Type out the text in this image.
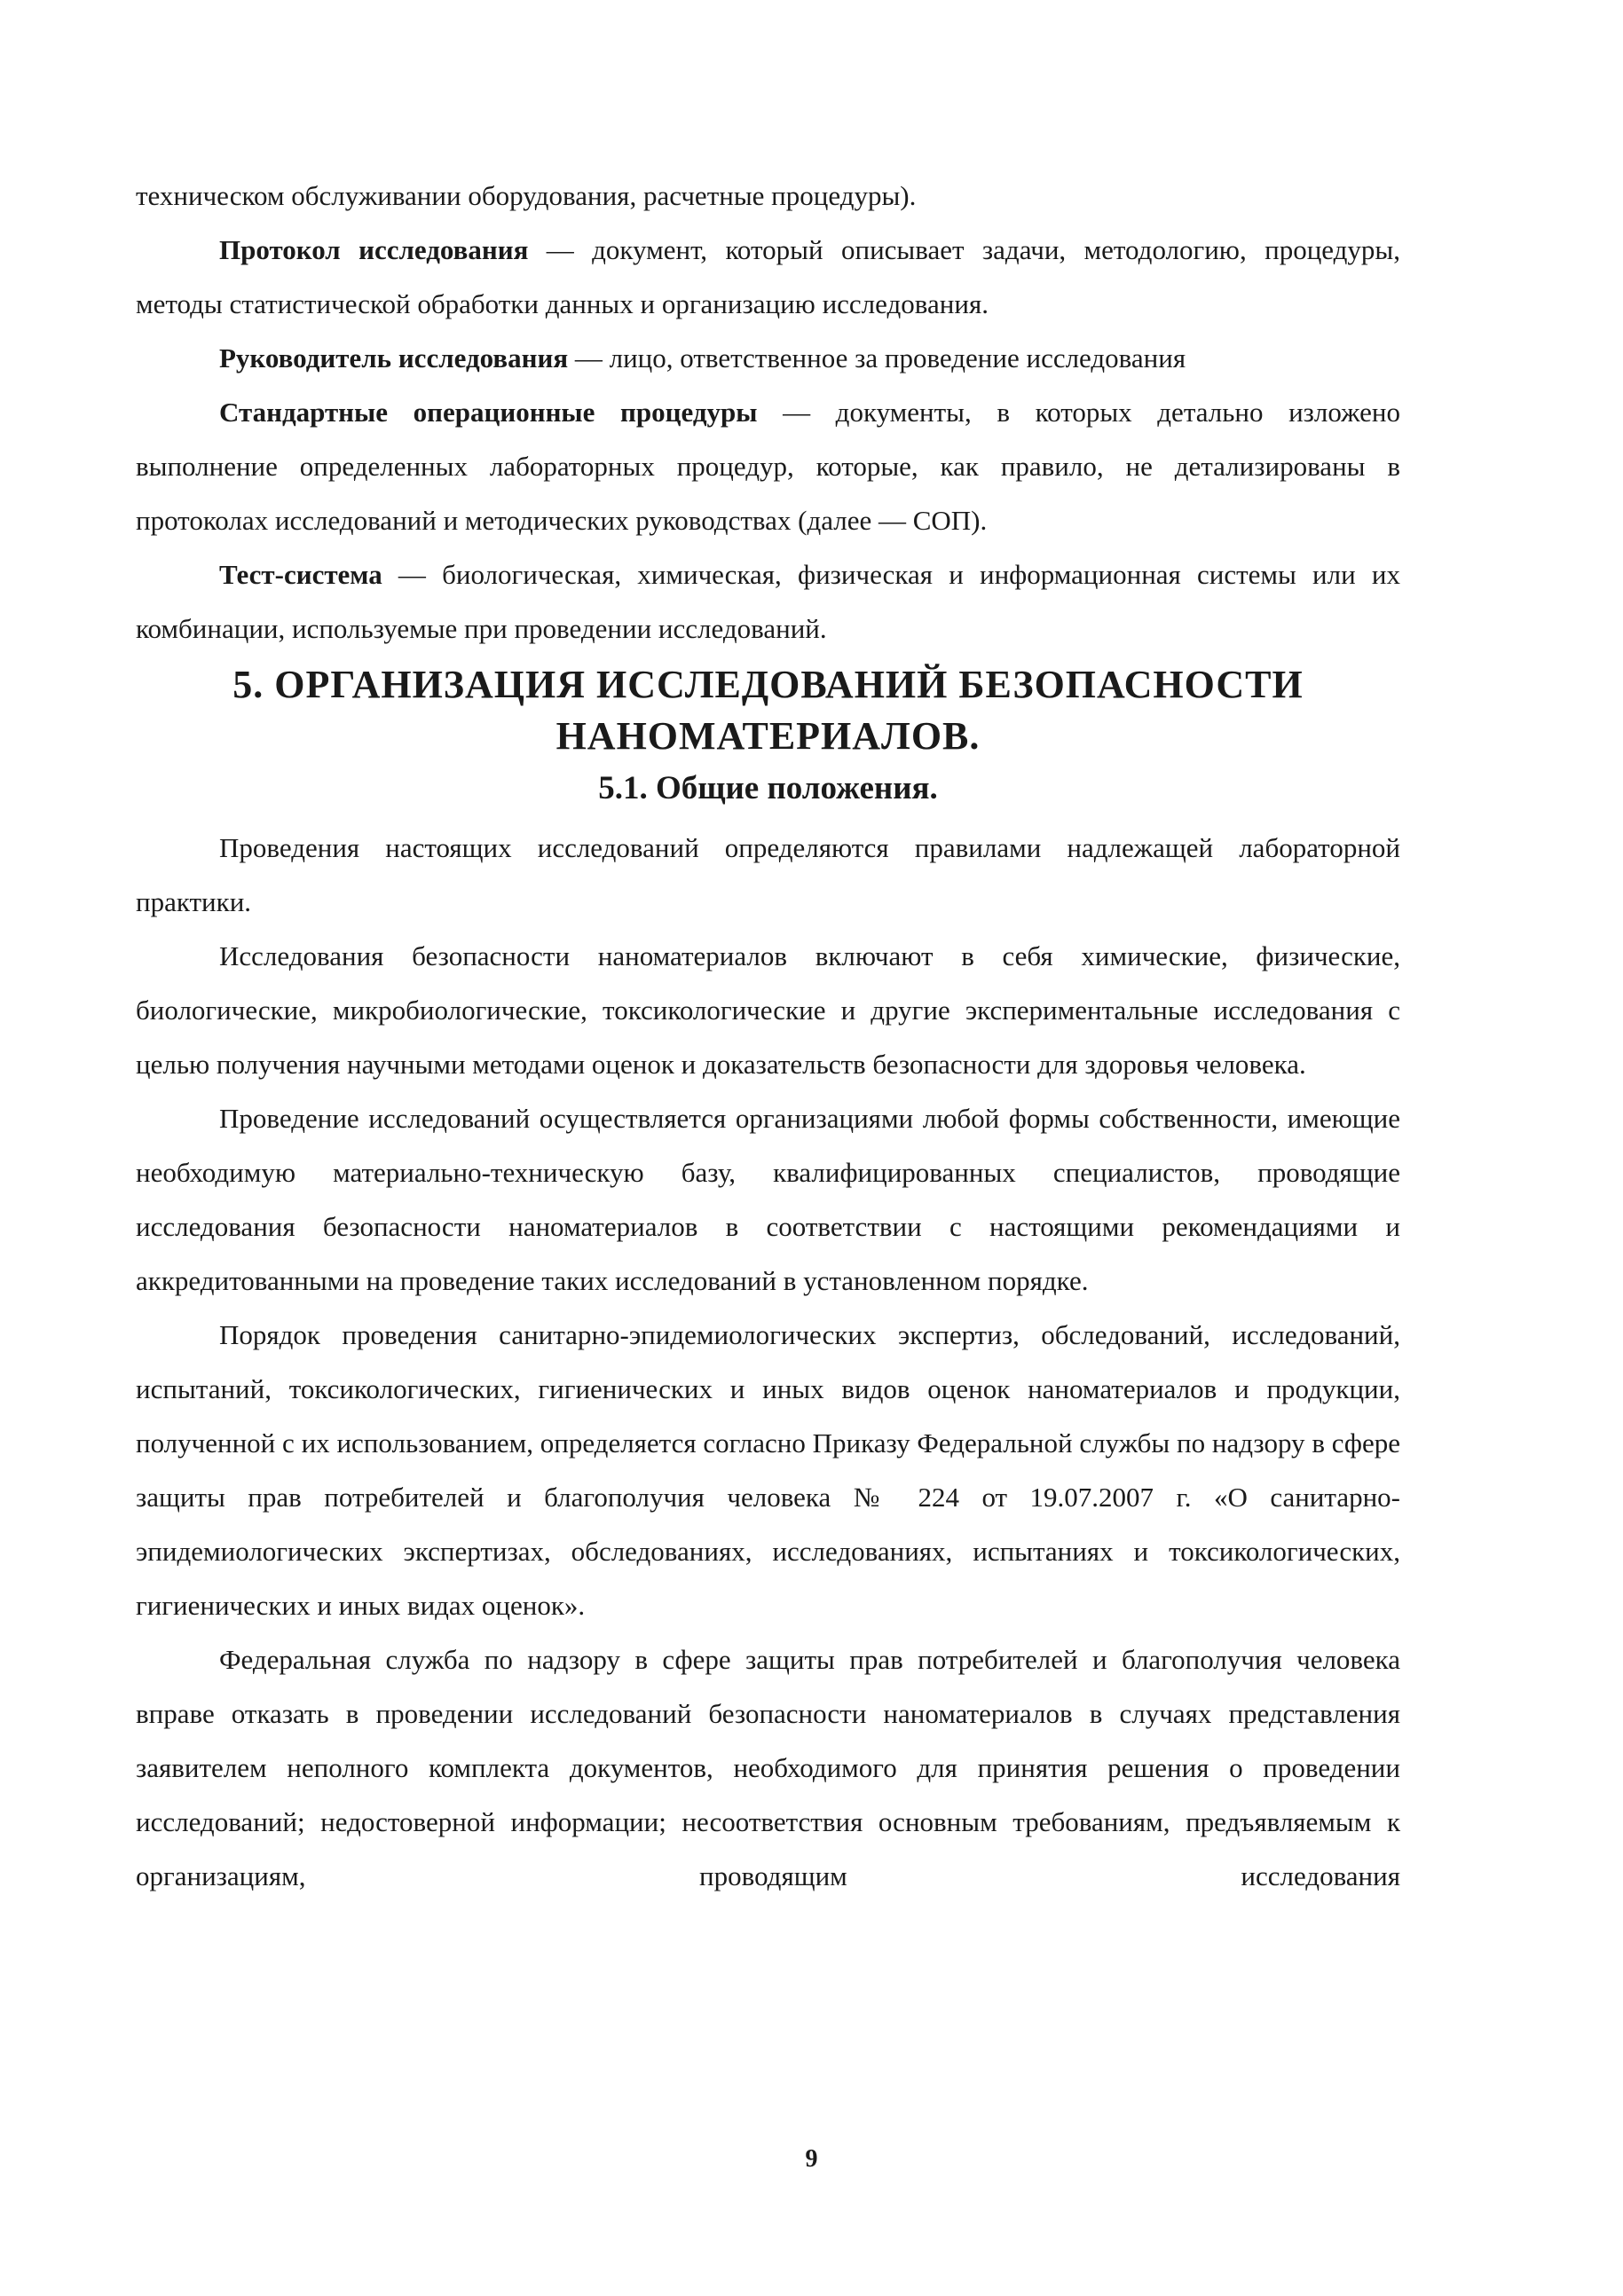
техническом обслуживании оборудования, расчетные процедуры).

Протокол исследования — документ, который описывает задачи, методологию, процедуры, методы статистической обработки данных и организацию исследования.

Руководитель исследования — лицо, ответственное за проведение исследования

Стандартные операционные процедуры — документы, в которых детально изложено выполнение определенных лабораторных процедур, которые, как правило, не детализированы в протоколах исследований и методических руководствах (далее — СОП).

Тест-система — биологическая, химическая, физическая и информационная системы или их комбинации, используемые при проведении исследований.

5. ОРГАНИЗАЦИЯ ИССЛЕДОВАНИЙ БЕЗОПАСНОСТИ
НАНОМАТЕРИАЛОВ.
5.1. Общие положения.

Проведения настоящих исследований определяются правилами надлежащей лабораторной практики.

Исследования безопасности наноматериалов включают в себя химические, физические, биологические, микробиологические, токсикологические и другие экспериментальные исследования с целью получения научными методами оценок и доказательств безопасности для здоровья человека.

Проведение исследований осуществляется организациями любой формы собственности, имеющие необходимую материально-техническую базу, квалифицированных специалистов, проводящие исследования безопасности наноматериалов в соответствии с настоящими рекомендациями и аккредитованными на проведение таких исследований в установленном порядке.

Порядок проведения санитарно-эпидемиологических экспертиз, обследований, исследований, испытаний, токсикологических, гигиенических и иных видов оценок наноматериалов и продукции, полученной с их использованием, определяется согласно Приказу Федеральной службы по надзору в сфере защиты прав потребителей и благополучия человека № 224 от 19.07.2007 г. «О санитарно-эпидемиологических экспертизах, обследованиях, исследованиях, испытаниях и токсикологических, гигиенических и иных видах оценок».

Федеральная служба по надзору в сфере защиты прав потребителей и благополучия человека вправе отказать в проведении исследований безопасности наноматериалов в случаях представления заявителем неполного комплекта документов, необходимого для принятия решения о проведении исследований; недостоверной информации; несоответствия основным требованиям, предъявляемым к организациям, проводящим исследования

9
